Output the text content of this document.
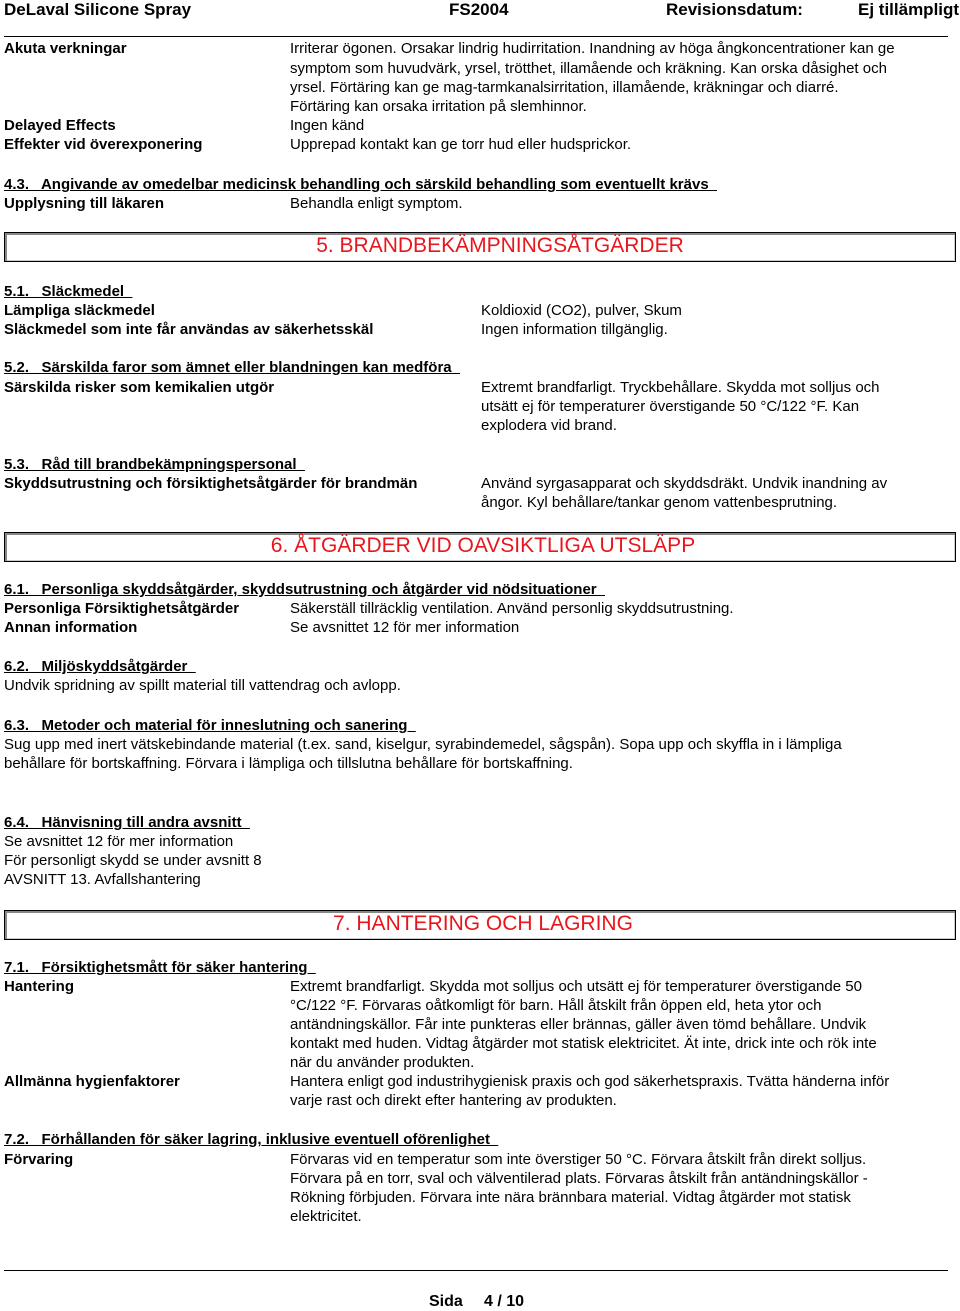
DeLaval Silicone Spray	FS2004	Revisionsdatum:	Ej tillämpligt
Akuta verkningar	Irriterar ögonen. Orsakar lindrig hudirritation. Inandning av höga ångkoncentrationer kan ge
symptom som huvudvärk, yrsel, trötthet, illamående och kräkning. Kan orska dåsighet och
yrsel. Förtäring kan ge mag-tarmkanalsirritation, illamående, kräkningar och diarré.
Förtäring kan orsaka irritation på slemhinnor.
Delayed Effects	Ingen känd
Effekter vid överexponering	Upprepad kontakt kan ge torr hud eller hudsprickor.
4.3.   Angivande av omedelbar medicinsk behandling och särskild behandling som eventuellt krävs
Upplysning till läkaren	Behandla enligt symptom.
5. BRANDBEKÄMPNINGSÅTGÄRDER
5.1.   Släckmedel
Lämpliga släckmedel	Koldioxid (CO2), pulver, Skum
Släckmedel som inte får användas av säkerhetsskäl	Ingen information tillgänglig.
5.2.   Särskilda faror som ämnet eller blandningen kan medföra
Särskilda risker som kemikalien utgör	Extremt brandfarligt. Tryckbehållare. Skydda mot solljus och
utsätt ej för temperaturer överstigande 50 °C/122 °F. Kan
explodera vid brand.
5.3.   Råd till brandbekämpningspersonal
Skyddsutrustning och försiktighetsåtgärder för brandmän	Använd syrgasapparat och skyddsdräkt. Undvik inandning av
ångor. Kyl behållare/tankar genom vattenbesprutning.
6. ÅTGÄRDER VID OAVSIKTLIGA UTSLÄPP
6.1.   Personliga skyddsåtgärder, skyddsutrustning och åtgärder vid nödsituationer
Personliga Försiktighetsåtgärder	Säkerställ tillräcklig ventilation. Använd personlig skyddsutrustning.
Annan information	Se avsnittet 12 för mer information
6.2.   Miljöskyddsåtgärder
Undvik spridning av spillt material till vattendrag och avlopp.
6.3.   Metoder och material för inneslutning och sanering
Sug upp med inert vätskebindande material (t.ex. sand, kiselgur, syrabindemedel, sågspån). Sopa upp och skyffla in i lämpliga
behållare för bortskaffning. Förvara i lämpliga och tillslutna behållare för bortskaffning.
6.4.   Hänvisning till andra avsnitt
Se avsnittet 12 för mer information
För personligt skydd se under avsnitt 8
AVSNITT 13. Avfallshantering
7. HANTERING OCH LAGRING
7.1.   Försiktighetsmått för säker hantering
Hantering	Extremt brandfarligt. Skydda mot solljus och utsätt ej för temperaturer överstigande 50
°C/122 °F. Förvaras oåtkomligt för barn. Håll åtskilt från öppen eld, heta ytor och
antändningskällor. Får inte punkteras eller brännas, gäller även tömd behållare. Undvik
kontakt med huden. Vidtag åtgärder mot statisk elektricitet. Ät inte, drick inte och rök inte
när du använder produkten.
Allmänna hygienfaktorer	Hantera enligt god industrihygienisk praxis och god säkerhetspraxis. Tvätta händerna inför
varje rast och direkt efter hantering av produkten.
7.2.   Förhållanden för säker lagring, inklusive eventuell oförenlighet
Förvaring	Förvaras vid en temperatur som inte överstiger 50 °C. Förvara åtskilt från direkt solljus.
Förvara på en torr, sval och välventilerad plats. Förvaras åtskilt från antändningskällor -
Rökning förbjuden. Förvara inte nära brännbara material. Vidtag åtgärder mot statisk
elektricitet.
Sida 4 / 10
